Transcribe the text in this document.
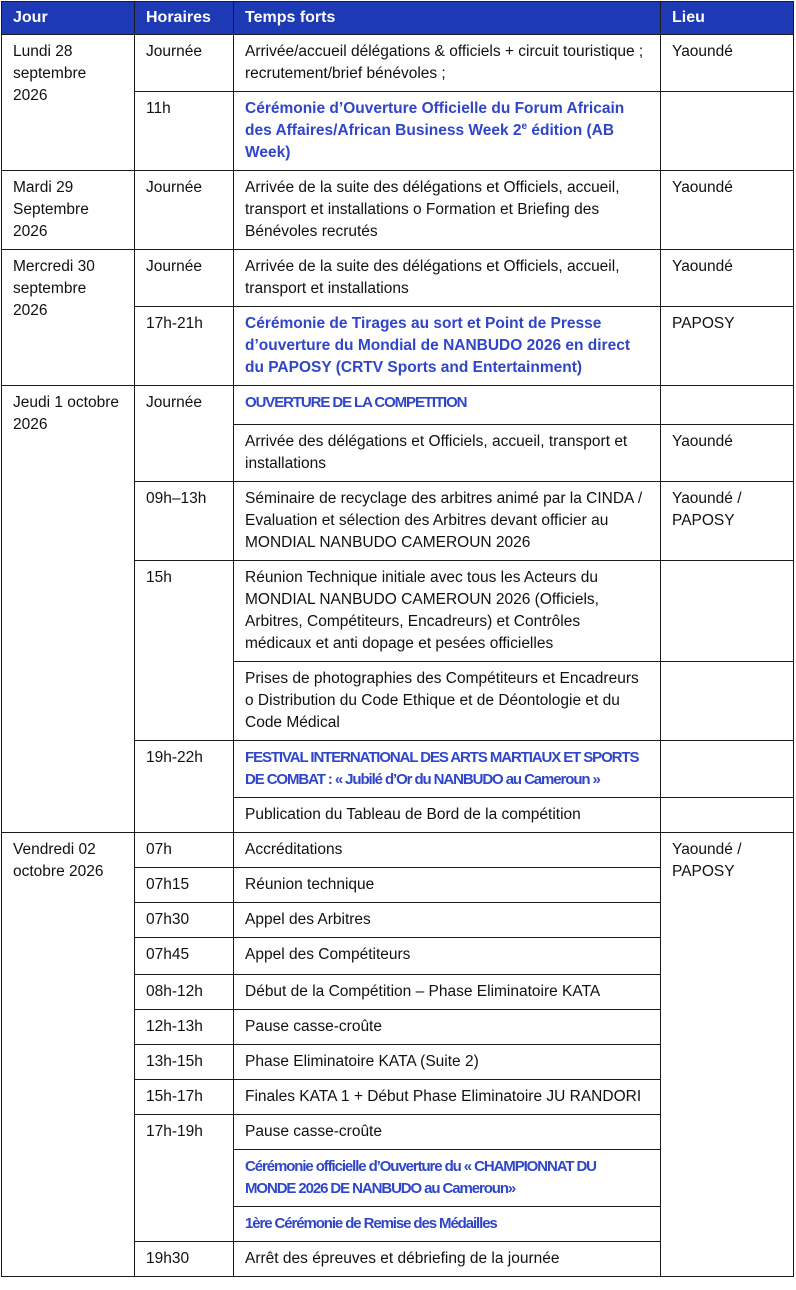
Jour	Horaires	Temps forts	Lieu
Lundi 28 septembre 2026	Journée	Arrivée/accueil délégations & officiels + circuit touristique ; recrutement/brief bénévoles ;	Yaoundé
	11h	Cérémonie d’Ouverture Officielle du Forum Africain des Affaires/African Business Week 2e édition (AB Week)	
Mardi 29 Septembre 2026	Journée	Arrivée de la suite des délégations et Officiels, accueil, transport et installations o Formation et Briefing des Bénévoles recrutés	Yaoundé
Mercredi 30 septembre 2026	Journée	Arrivée de la suite des délégations et Officiels, accueil, transport et installations	Yaoundé
	17h-21h	Cérémonie de Tirages au sort et Point de Presse d’ouverture du Mondial de NANBUDO 2026 en direct du PAPOSY (CRTV Sports and Entertainment)	PAPOSY
Jeudi 1 octobre 2026	Journée	OUVERTURE DE LA COMPETITION	
		Arrivée des délégations et Officiels, accueil, transport et installations	Yaoundé
	09h–13h	Séminaire de recyclage des arbitres animé par la CINDA / Evaluation et sélection des Arbitres devant officier au MONDIAL NANBUDO CAMEROUN 2026	Yaoundé / PAPOSY
	15h	Réunion Technique initiale avec tous les Acteurs du MONDIAL NANBUDO CAMEROUN 2026 (Officiels, Arbitres, Compétiteurs, Encadreurs) et Contrôles médicaux et anti dopage et pesées officielles	
		Prises de photographies des Compétiteurs et Encadreurs o Distribution du Code Ethique et de Déontologie et du Code Médical	
	19h-22h	FESTIVAL INTERNATIONAL DES ARTS MARTIAUX ET SPORTS DE COMBAT : « Jubilé d’Or du NANBUDO au Cameroun »	
		Publication du Tableau de Bord de la compétition	
Vendredi 02 octobre 2026	07h	Accréditations	Yaoundé / PAPOSY
	07h15	Réunion technique	
	07h30	Appel des Arbitres	
	07h45	Appel des Compétiteurs	
	08h-12h	Début de la Compétition – Phase Eliminatoire KATA	
	12h-13h	Pause casse-croûte	
	13h-15h	Phase Eliminatoire KATA (Suite 2)	
	15h-17h	Finales KATA 1 + Début Phase Eliminatoire JU RANDORI	
	17h-19h	Pause casse-croûte	
		Cérémonie officielle d’Ouverture du « CHAMPIONNAT DU MONDE 2026 DE NANBUDO au Cameroun»	
		1ère Cérémonie de Remise des Médailles	
	19h30	Arrêt des épreuves et débriefing de la journée	
